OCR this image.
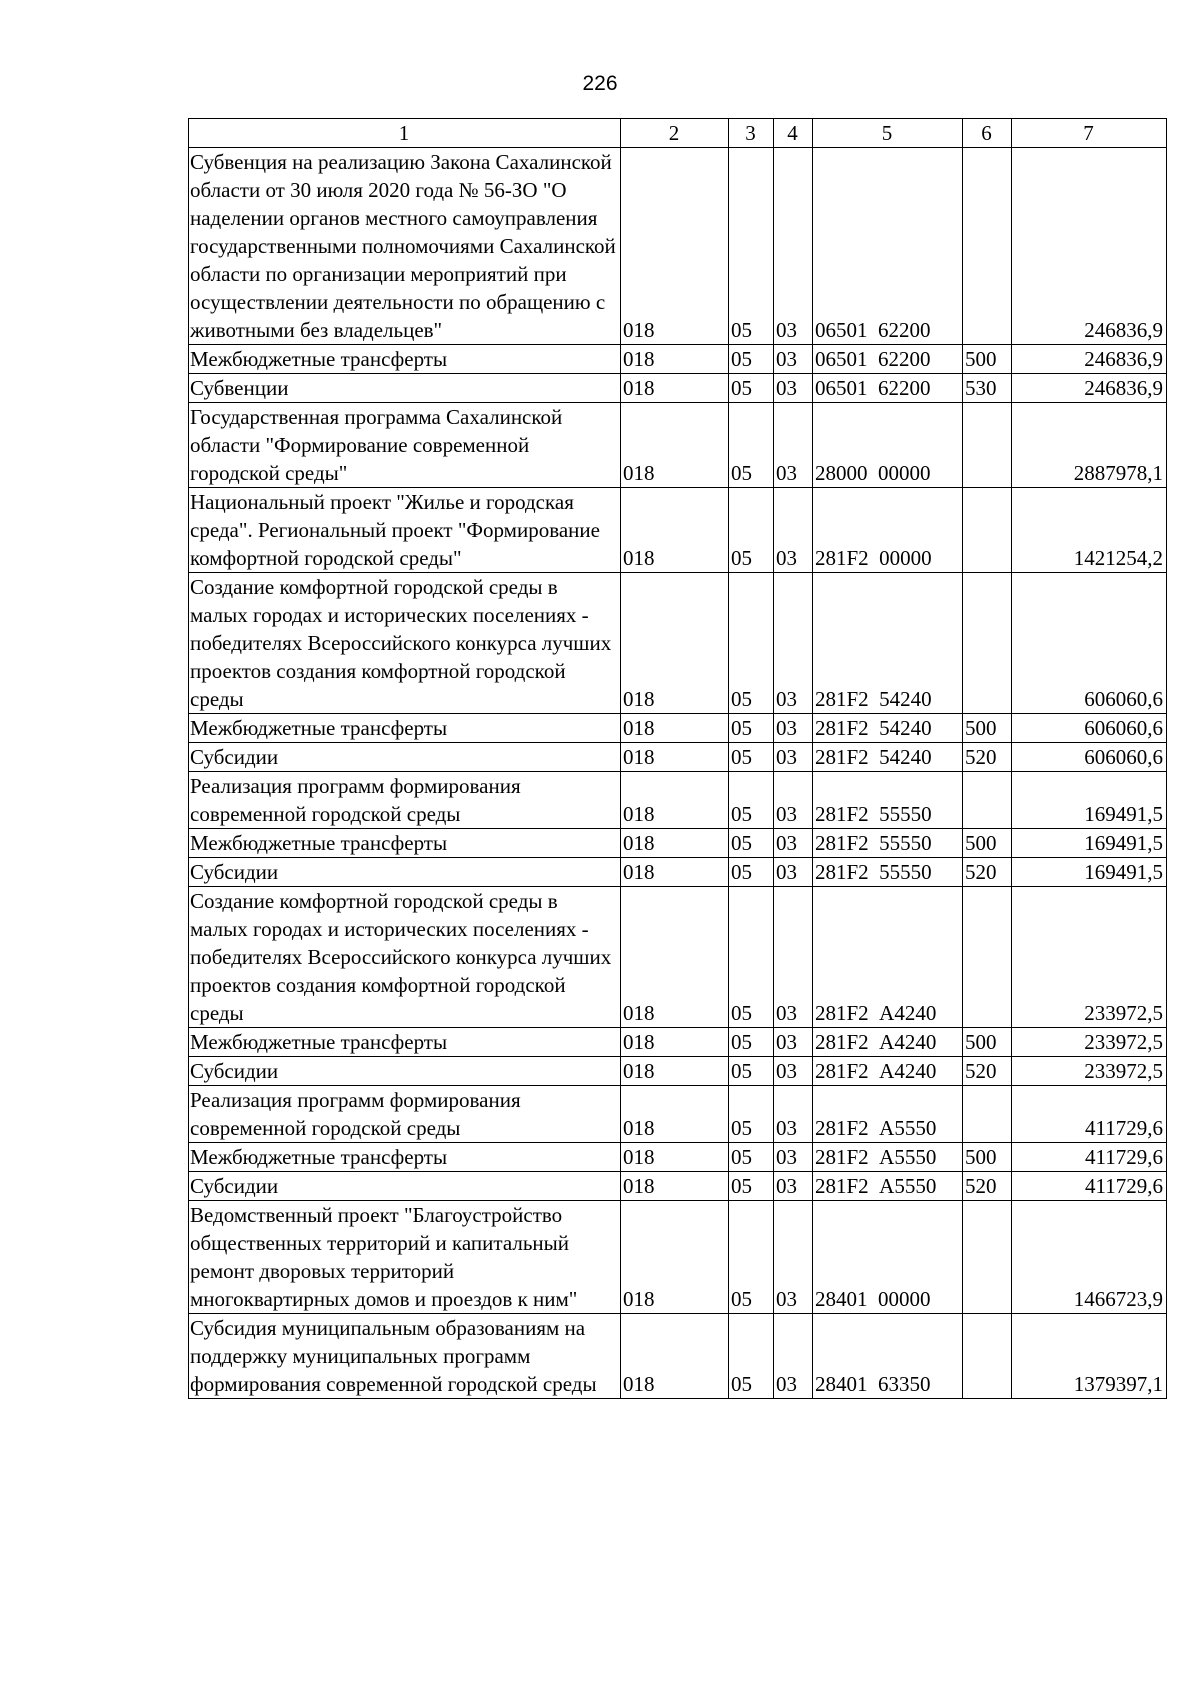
226
1	2	3	4	5	6	7
Субвенция на реализацию Закона Сахалинской области от 30 июля 2020 года № 56-ЗО "О наделении органов местного самоуправления государственными полномочиями Сахалинской области по организации мероприятий при осуществлении деятельности по обращению с животными без владельцев"	018	05	03	06501  62200		246836,9
Межбюджетные трансферты	018	05	03	06501  62200	500	246836,9
Субвенции	018	05	03	06501  62200	530	246836,9
Государственная программа Сахалинской области "Формирование современной городской среды"	018	05	03	28000  00000		2887978,1
Национальный проект "Жилье и городская среда". Региональный проект "Формирование комфортной городской среды"	018	05	03	281F2  00000		1421254,2
Создание комфортной городской среды в малых городах и исторических поселениях - победителях Всероссийского конкурса лучших проектов создания комфортной городской среды	018	05	03	281F2  54240		606060,6
Межбюджетные трансферты	018	05	03	281F2  54240	500	606060,6
Субсидии	018	05	03	281F2  54240	520	606060,6
Реализация программ формирования современной городской среды	018	05	03	281F2  55550		169491,5
Межбюджетные трансферты	018	05	03	281F2  55550	500	169491,5
Субсидии	018	05	03	281F2  55550	520	169491,5
Создание комфортной городской среды в малых городах и исторических поселениях - победителях Всероссийского конкурса лучших проектов создания комфортной городской среды	018	05	03	281F2  А4240		233972,5
Межбюджетные трансферты	018	05	03	281F2  А4240	500	233972,5
Субсидии	018	05	03	281F2  А4240	520	233972,5
Реализация программ формирования современной городской среды	018	05	03	281F2  А5550		411729,6
Межбюджетные трансферты	018	05	03	281F2  А5550	500	411729,6
Субсидии	018	05	03	281F2  А5550	520	411729,6
Ведомственный проект "Благоустройство общественных территорий и капитальный ремонт дворовых территорий многоквартирных домов и проездов к ним"	018	05	03	28401  00000		1466723,9
Субсидия муниципальным образованиям на поддержку муниципальных программ формирования современной городской среды	018	05	03	28401  63350		1379397,1
